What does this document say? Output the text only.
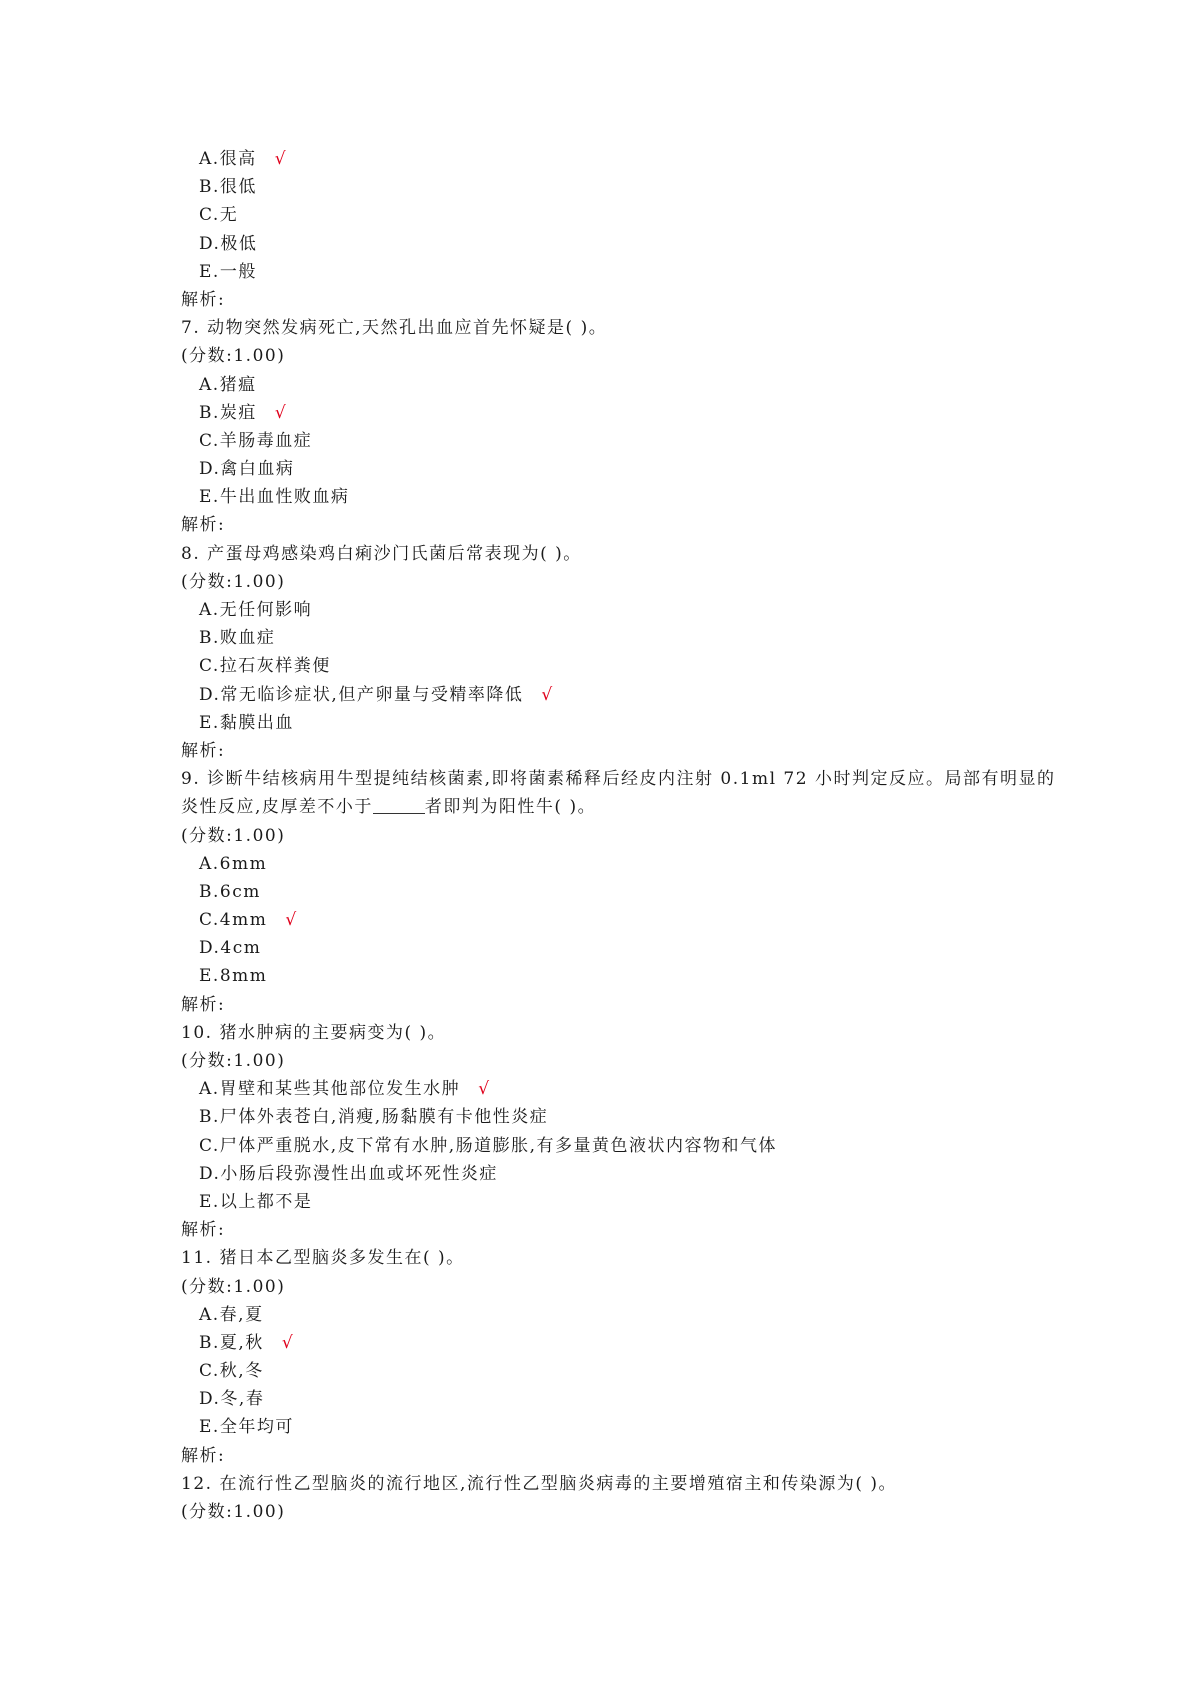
A.很高 √
B.很低
C.无
D.极低
E.一般
解析:
7. 动物突然发病死亡,天然孔出血应首先怀疑是( )。
(分数:1.00)
A.猪瘟
B.炭疽 √
C.羊肠毒血症
D.禽白血病
E.牛出血性败血病
解析:
8. 产蛋母鸡感染鸡白痢沙门氏菌后常表现为( )。
(分数:1.00)
A.无任何影响
B.败血症
C.拉石灰样粪便
D.常无临诊症状,但产卵量与受精率降低 √
E.黏膜出血
解析:
9. 诊断牛结核病用牛型提纯结核菌素,即将菌素稀释后经皮内注射 0.1ml 72 小时判定反应。局部有明显的
炎性反应,皮厚差不小于	者即判为阳性牛( )。
(分数:1.00)
A.6mm
B.6cm
C.4mm √
D.4cm
E.8mm
解析:
10. 猪水肿病的主要病变为( )。
(分数:1.00)
A.胃壁和某些其他部位发生水肿 √
B.尸体外表苍白,消瘦,肠黏膜有卡他性炎症
C.尸体严重脱水,皮下常有水肿,肠道膨胀,有多量黄色液状内容物和气体
D.小肠后段弥漫性出血或坏死性炎症
E.以上都不是
解析:
11. 猪日本乙型脑炎多发生在( )。
(分数:1.00)
A.春,夏
B.夏,秋 √
C.秋,冬
D.冬,春
E.全年均可
解析:
12. 在流行性乙型脑炎的流行地区,流行性乙型脑炎病毒的主要增殖宿主和传染源为( )。
(分数:1.00)
